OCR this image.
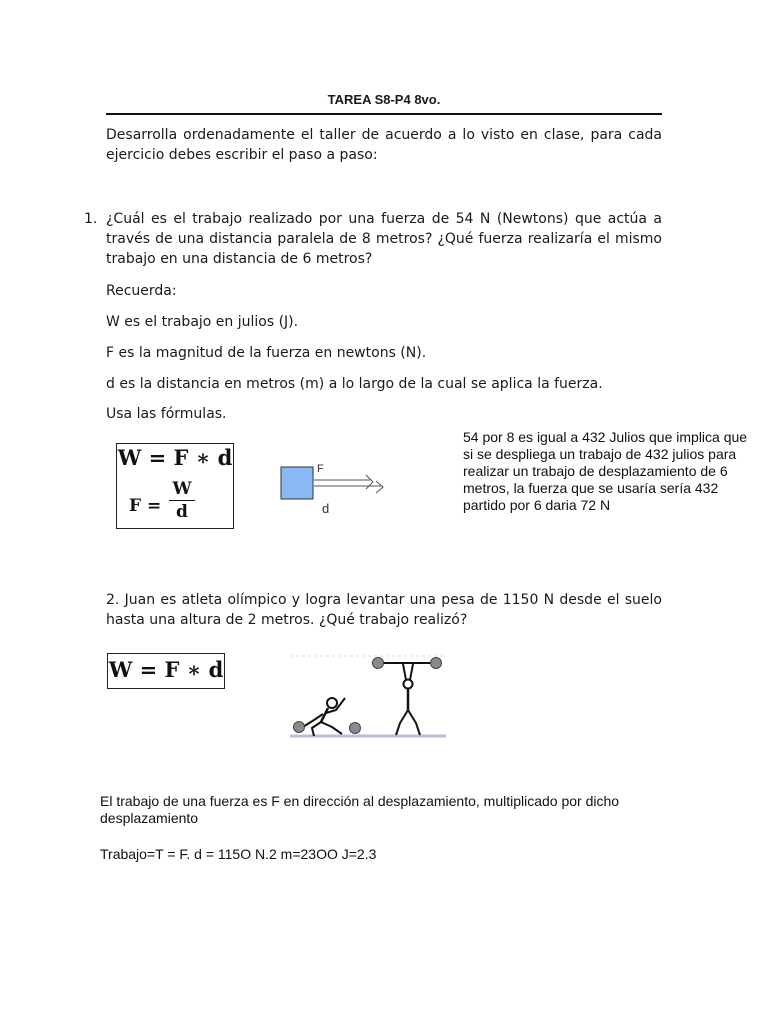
TAREA S8-P4 8vo.
Desarrolla ordenadamente el taller de acuerdo a lo visto en clase, para cada ejercicio debes escribir el paso a paso:
1. ¿Cuál es el trabajo realizado por una fuerza de 54 N (Newtons) que actúa a través de una distancia paralela de 8 metros? ¿Qué fuerza realizaría el mismo trabajo en una distancia de 6 metros?
Recuerda:
W es el trabajo en julios (J).
F es la magnitud de la fuerza en newtons (N).
d es la distancia en metros (m) a lo largo de la cual se aplica la fuerza.
Usa las fórmulas.
W = F ∗ d
F =
W
d
F
d
54 por 8 es igual a 432 Julios que implica que si se despliega un trabajo de 432 julios para realizar un trabajo de desplazamiento de 6 metros, la fuerza que se usaría sería 432 partido por 6 daria 72 N
2. Juan es atleta olímpico y logra levantar una pesa de 1150 N desde el suelo hasta una altura de 2 metros. ¿Qué trabajo realizó?
W = F ∗ d
El trabajo de una fuerza es F en dirección al desplazamiento, multiplicado por dicho desplazamiento
Trabajo=T = F. d = 115O N.2 m=23OO J=2.3
